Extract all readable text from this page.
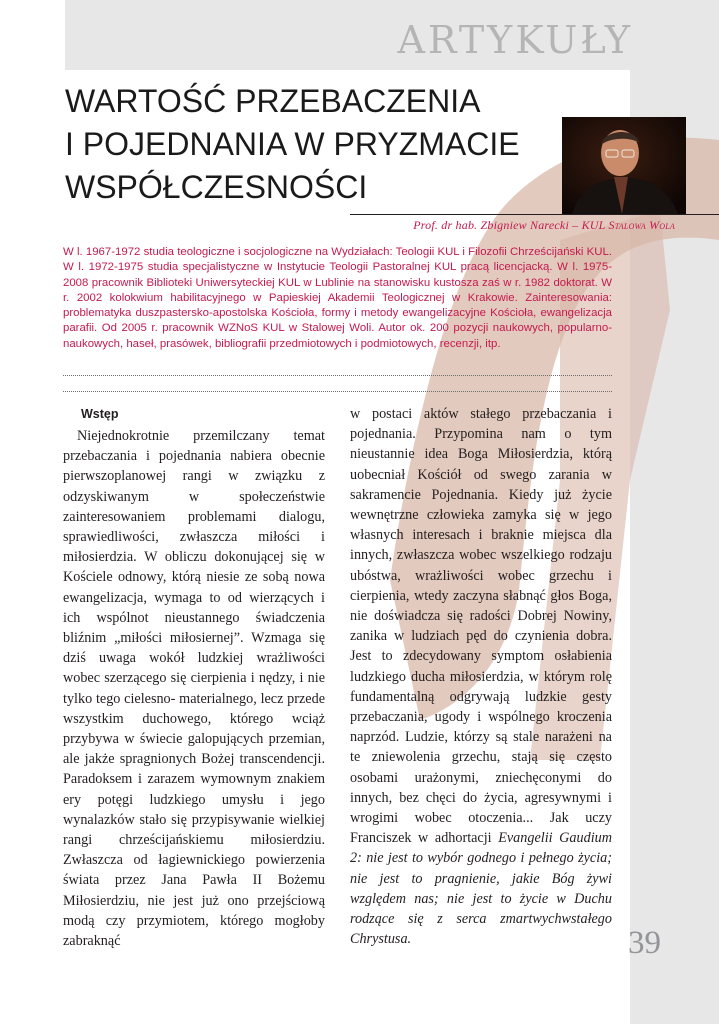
ARTYKUŁY
WARTOŚĆ PRZEBACZENIA
I POJEDNANIA W PRYZMACIE
WSPÓŁCZESNOŚCI
Prof. dr hab. Zbigniew Narecki – KUL Stalowa Wola

W l. 1967-1972 studia teologiczne i socjologiczne na Wydziałach: Teologii KUL i Filozofii Chrześcijański KUL. W l. 1972-1975 studia specjalistyczne w Instytucie Teologii Pastoralnej KUL pracą licencjacką. W l. 1975-2008 pracownik Biblioteki Uniwersyteckiej KUL w Lublinie na stanowisku kustosza zaś w r. 1982 doktorat. W r. 2002 kolokwium habilitacyjnego w Papieskiej Akademii Teologicznej w Krakowie. Zainteresowania: problematyka duszpastersko-apostolska Kościoła, formy i metody ewangelizacyjne Kościoła, ewangelizacja parafii. Od 2005 r. pracownik WZNoS KUL w Stalowej Woli. Autor ok. 200 pozycji naukowych, popularno-naukowych, haseł, prasówek, bibliografii przedmiotowych i podmiotowych, recenzji, itp.

Wstęp

Niejednokrotnie przemilczany temat przebaczania i pojednania nabiera obecnie pierwszoplanowej rangi w związku z odzyskiwanym w społeczeństwie zainteresowaniem problemami dialogu, sprawiedliwości, zwłaszcza miłości i miłosierdzia. W obliczu dokonującej się w Kościele odnowy, którą niesie ze sobą nowa ewangelizacja, wymaga to od wierzących i ich wspólnot nieustannego świadczenia bliźnim „miłości miłosiernej”. Wzmaga się dziś uwaga wokół ludzkiej wrażliwości wobec szerzącego się cierpienia i nędzy, i nie tylko tego cielesno- materialnego, lecz przede wszystkim duchowego, którego wciąż przybywa w świecie galopujących przemian, ale jakże spragnionych Bożej transcendencji. Paradoksem i zarazem wymownym znakiem ery potęgi ludzkiego umysłu i jego wynalazków stało się przypisywanie wielkiej rangi chrześcijańskiemu miłosierdziu. Zwłaszcza od łagiewnickiego powierzenia świata przez Jana Pawła II Bożemu Miłosierdziu, nie jest już ono przejściową modą czy przymiotem, którego mogłoby zabraknąć

w postaci aktów stałego przebaczania i pojednania. Przypomina nam o tym nieustannie idea Boga Miłosierdzia, którą uobecniał Kościół od swego zarania w sakramencie Pojednania. Kiedy już życie wewnętrzne człowieka zamyka się w jego własnych interesach i braknie miejsca dla innych, zwłaszcza wobec wszelkiego rodzaju ubóstwa, wrażliwości wobec grzechu i cierpienia, wtedy zaczyna słabnąć głos Boga, nie doświadcza się radości Dobrej Nowiny, zanika w ludziach pęd do czynienia dobra. Jest to zdecydowany symptom osłabienia ludzkiego ducha miłosierdzia, w którym rolę fundamentalną odgrywają ludzkie gesty przebaczania, ugody i wspólnego kroczenia naprzód. Ludzie, którzy są stale narażeni na te zniewolenia grzechu, stają się często osobami urażonymi, zniechęconymi do innych, bez chęci do życia, agresywnymi i wrogimi wobec otoczenia... Jak uczy Franciszek w adhortacji Evangelii Gaudium 2: nie jest to wybór godnego i pełnego życia; nie jest to pragnienie, jakie Bóg żywi względem nas; nie jest to życie w Duchu rodzące się z serca zmartwychwstałego Chrystusa.	39
